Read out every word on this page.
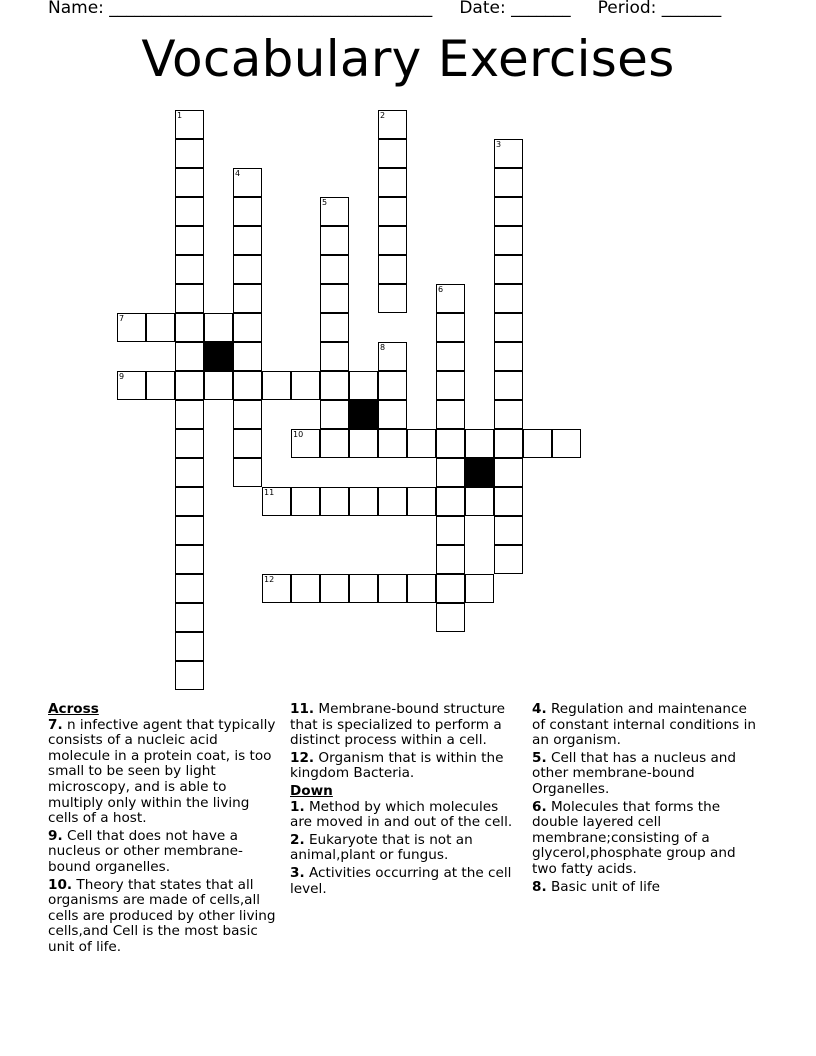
Name: ______________________________________ Date: _______ Period: _______
Vocabulary Exercises
1	2
3
4
5
6
8
7
9
10
11
12
Across
7. n infective agent that typically consists of a nucleic acid molecule in a protein coat, is too small to be seen by light microscopy, and is able to multiply only within the living cells of a host.
9. Cell that does not have a nucleus or other membrane-bound organelles.
10. Theory that states that all organisms are made of cells,all cells are produced by other living cells,and Cell is the most basic unit of life.
11. Membrane-bound structure that is specialized to perform a distinct process within a cell.
12. Organism that is within the kingdom Bacteria.
Down
1. Method by which molecules are moved in and out of the cell.
2. Eukaryote that is not an animal,plant or fungus.
3. Activities occurring at the cell level.
4. Regulation and maintenance of constant internal conditions in an organism.
5. Cell that has a nucleus and other membrane-bound Organelles.
6. Molecules that forms the double layered cell membrane;consisting of a glycerol,phosphate group and two fatty acids.
8. Basic unit of life
